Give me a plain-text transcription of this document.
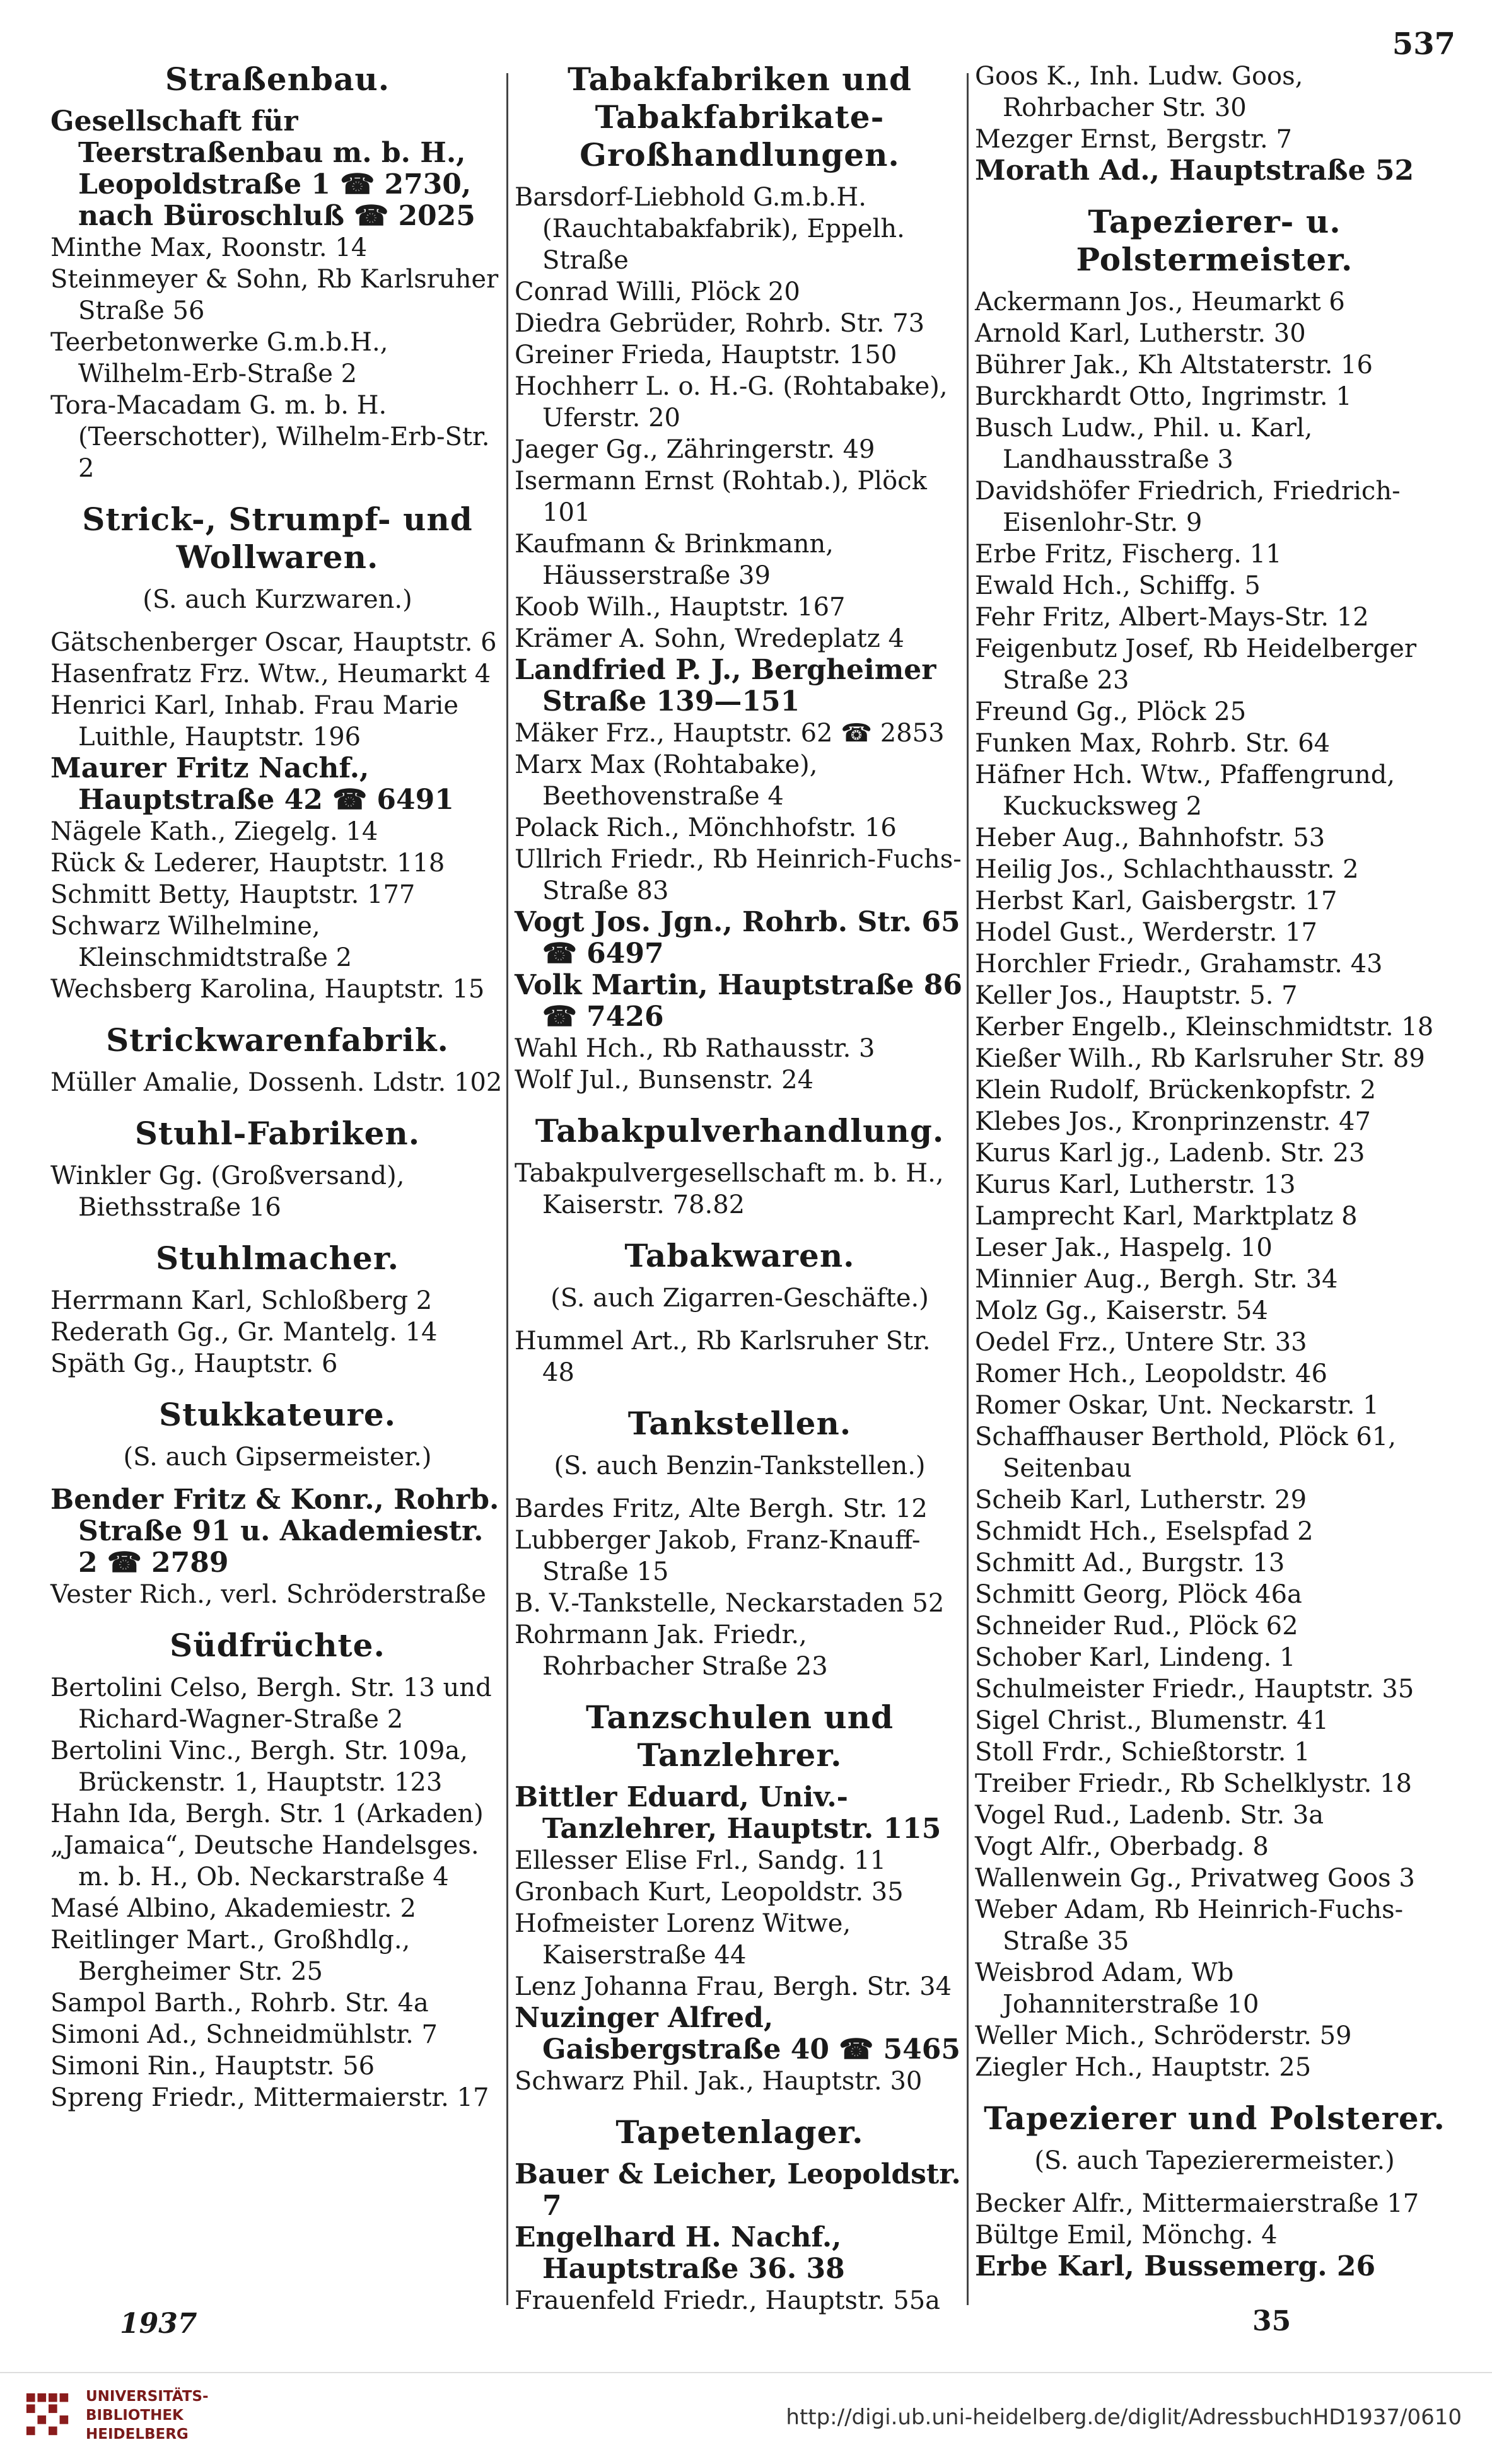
537
Straßenbau.
Gesellschaft für Teerstraßenbau m. b. H., Leopoldstraße 1 ☎ 2730, nach Büroschluß ☎ 2025
Minthe Max, Roonstr. 14
Steinmeyer & Sohn, Rb Karlsruher Straße 56
Teerbetonwerke G.m.b.H., Wilhelm-Erb-Straße 2
Tora-Macadam G. m. b. H. (Teerschotter), Wilhelm-Erb-Str. 2
Strick-, Strumpf- und Wollwaren.
(S. auch Kurzwaren.)
Gätschenberger Oscar, Hauptstr. 6
Hasenfratz Frz. Wtw., Heumarkt 4
Henrici Karl, Inhab. Frau Marie Luithle, Hauptstr. 196
Maurer Fritz Nachf., Hauptstraße 42 ☎ 6491
Nägele Kath., Ziegelg. 14
Rück & Lederer, Hauptstr. 118
Schmitt Betty, Hauptstr. 177
Schwarz Wilhelmine, Kleinschmidtstraße 2
Wechsberg Karolina, Hauptstr. 15
Strickwarenfabrik.
Müller Amalie, Dossenh. Ldstr. 102
Stuhl-Fabriken.
Winkler Gg. (Großversand), Biethsstraße 16
Stuhlmacher.
Herrmann Karl, Schloßberg 2
Rederath Gg., Gr. Mantelg. 14
Späth Gg., Hauptstr. 6
Stukkateure.
(S. auch Gipsermeister.)
Bender Fritz & Konr., Rohrb. Straße 91 u. Akademiestr. 2 ☎ 2789
Vester Rich., verl. Schröderstraße
Südfrüchte.
Bertolini Celso, Bergh. Str. 13 und Richard-Wagner-Straße 2
Bertolini Vinc., Bergh. Str. 109a, Brückenstr. 1, Hauptstr. 123
Hahn Ida, Bergh. Str. 1 (Arkaden)
„Jamaica“, Deutsche Handelsges. m. b. H., Ob. Neckarstraße 4
Masé Albino, Akademiestr. 2
Reitlinger Mart., Großhdlg., Bergheimer Str. 25
Sampol Barth., Rohrb. Str. 4a
Simoni Ad., Schneidmühlstr. 7
Simoni Rin., Hauptstr. 56
Spreng Friedr., Mittermaierstr. 17
Tabakfabriken und Tabakfabrikate-Großhandlungen.
Barsdorf-Liebhold G.m.b.H. (Rauchtabakfabrik), Eppelh. Straße
Conrad Willi, Plöck 20
Diedra Gebrüder, Rohrb. Str. 73
Greiner Frieda, Hauptstr. 150
Hochherr L. o. H.-G. (Rohtabake), Uferstr. 20
Jaeger Gg., Zähringerstr. 49
Isermann Ernst (Rohtab.), Plöck 101
Kaufmann & Brinkmann, Häusserstraße 39
Koob Wilh., Hauptstr. 167
Krämer A. Sohn, Wredeplatz 4
Landfried P. J., Bergheimer Straße 139—151
Mäker Frz., Hauptstr. 62 ☎ 2853
Marx Max (Rohtabake), Beethovenstraße 4
Polack Rich., Mönchhofstr. 16
Ullrich Friedr., Rb Heinrich-Fuchs-Straße 83
Vogt Jos. Jgn., Rohrb. Str. 65 ☎ 6497
Volk Martin, Hauptstraße 86 ☎ 7426
Wahl Hch., Rb Rathausstr. 3
Wolf Jul., Bunsenstr. 24
Tabakpulverhandlung.
Tabakpulvergesellschaft m. b. H., Kaiserstr. 78.82
Tabakwaren.
(S. auch Zigarren-Geschäfte.)
Hummel Art., Rb Karlsruher Str. 48
Tankstellen.
(S. auch Benzin-Tankstellen.)
Bardes Fritz, Alte Bergh. Str. 12
Lubberger Jakob, Franz-Knauff-Straße 15
B. V.-Tankstelle, Neckarstaden 52
Rohrmann Jak. Friedr., Rohrbacher Straße 23
Tanzschulen und Tanzlehrer.
Bittler Eduard, Univ.-Tanzlehrer, Hauptstr. 115
Ellesser Elise Frl., Sandg. 11
Gronbach Kurt, Leopoldstr. 35
Hofmeister Lorenz Witwe, Kaiserstraße 44
Lenz Johanna Frau, Bergh. Str. 34
Nuzinger Alfred, Gaisbergstraße 40 ☎ 5465
Schwarz Phil. Jak., Hauptstr. 30
Tapetenlager.
Bauer & Leicher, Leopoldstr. 7
Engelhard H. Nachf., Hauptstraße 36. 38
Frauenfeld Friedr., Hauptstr. 55a
Goos K., Inh. Ludw. Goos, Rohrbacher Str. 30
Mezger Ernst, Bergstr. 7
Morath Ad., Hauptstraße 52
Tapezierer- u. Polstermeister.
Ackermann Jos., Heumarkt 6
Arnold Karl, Lutherstr. 30
Bührer Jak., Kh Altstaterstr. 16
Burckhardt Otto, Ingrimstr. 1
Busch Ludw., Phil. u. Karl, Landhausstraße 3
Davidshöfer Friedrich, Friedrich-Eisenlohr-Str. 9
Erbe Fritz, Fischerg. 11
Ewald Hch., Schiffg. 5
Fehr Fritz, Albert-Mays-Str. 12
Feigenbutz Josef, Rb Heidelberger Straße 23
Freund Gg., Plöck 25
Funken Max, Rohrb. Str. 64
Häfner Hch. Wtw., Pfaffengrund, Kuckucksweg 2
Heber Aug., Bahnhofstr. 53
Heilig Jos., Schlachthausstr. 2
Herbst Karl, Gaisbergstr. 17
Hodel Gust., Werderstr. 17
Horchler Friedr., Grahamstr. 43
Keller Jos., Hauptstr. 5. 7
Kerber Engelb., Kleinschmidtstr. 18
Kießer Wilh., Rb Karlsruher Str. 89
Klein Rudolf, Brückenkopfstr. 2
Klebes Jos., Kronprinzenstr. 47
Kurus Karl jg., Ladenb. Str. 23
Kurus Karl, Lutherstr. 13
Lamprecht Karl, Marktplatz 8
Leser Jak., Haspelg. 10
Minnier Aug., Bergh. Str. 34
Molz Gg., Kaiserstr. 54
Oedel Frz., Untere Str. 33
Romer Hch., Leopoldstr. 46
Romer Oskar, Unt. Neckarstr. 1
Schaffhauser Berthold, Plöck 61, Seitenbau
Scheib Karl, Lutherstr. 29
Schmidt Hch., Eselspfad 2
Schmitt Ad., Burgstr. 13
Schmitt Georg, Plöck 46a
Schneider Rud., Plöck 62
Schober Karl, Lindeng. 1
Schulmeister Friedr., Hauptstr. 35
Sigel Christ., Blumenstr. 41
Stoll Frdr., Schießtorstr. 1
Treiber Friedr., Rb Schelklystr. 18
Vogel Rud., Ladenb. Str. 3a
Vogt Alfr., Oberbadg. 8
Wallenwein Gg., Privatweg Goos 3
Weber Adam, Rb Heinrich-Fuchs-Straße 35
Weisbrod Adam, Wb Johanniterstraße 10
Weller Mich., Schröderstr. 59
Ziegler Hch., Hauptstr. 25
Tapezierer und Polsterer.
(S. auch Tapezierermeister.)
Becker Alfr., Mittermaierstraße 17
Bültge Emil, Mönchg. 4
Erbe Karl, Bussemerg. 26
1937	35
UNIVERSITÄTS-
BIBLIOTHEK
HEIDELBERG
http://digi.ub.uni-heidelberg.de/diglit/AdressbuchHD1937/0610
